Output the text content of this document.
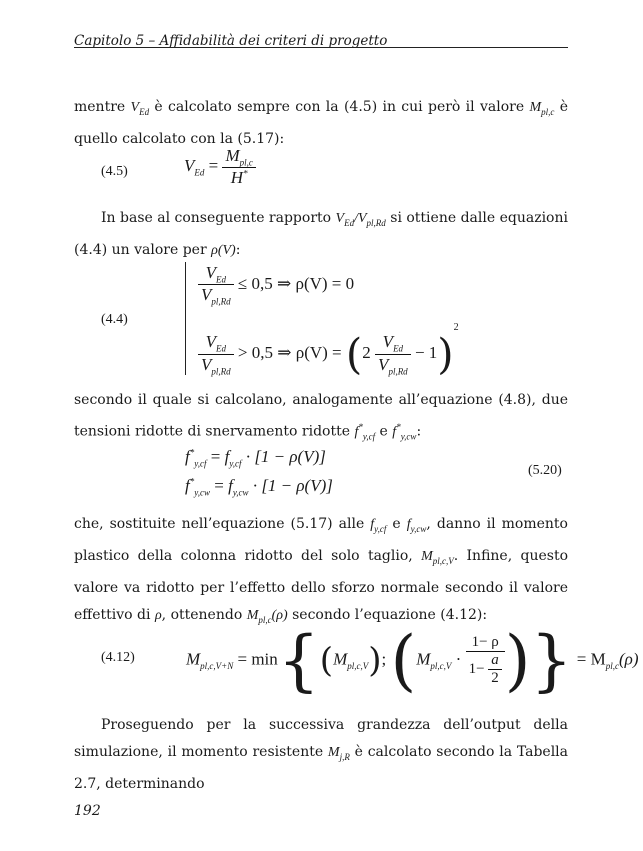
Capitolo 5 – Affidabilità dei criteri di progetto

mentre $V_{Ed}$ è calcolato sempre con la (4.5) in cui però il valore $M_{pl,c}$ è quello calcolato con la (5.17):

(4.5)	$V_{Ed} = \frac{M_{pl,c}}{H^*}$

In base al conseguente rapporto $V_{Ed}/V_{pl,Rd}$ si ottiene dalle equazioni (4.4) un valore per ρ(V):

(4.4)
$\frac{V_{Ed}}{V_{pl,Rd}} \le 0,5$ ⇒ ρ(V) = 0
$\frac{V_{Ed}}{V_{pl,Rd}} > 0,5$ ⇒ $\rho(V) = (2 \frac{V_{Ed}}{V_{pl,Rd}} - 1)^2$

secondo il quale si calcolano, analogamente all’equazione (4.8), due tensioni ridotte di snervamento ridotte $f^*_{y,cf}$ e $f^*_{y,cw}$:

$f^*_{y,cf} = f_{y,cf} \cdot [1 - \rho(V)]$
$f^*_{y,cw} = f_{y,cw} \cdot [1 - \rho(V)]$
(5.20)

che, sostituite nell’equazione (5.17) alle $f_{y,cf}$ e $f_{y,cw}$, danno il momento plastico della colonna ridotto del solo taglio, $M_{pl,c,V}$. Infine, questo valore va ridotto per l’effetto dello sforzo normale secondo il valore effettivo di ρ, ottenendo $M_{pl,c}(\rho)$ secondo l’equazione (4.12):

(4.12)	$M_{pl,c,V+N} = \min\{(M_{pl,c,V})$; ($M_{pl,c,V} \cdot \frac{1- \rho}{1- \frac{a}{2}}$ )} = $M_{pl,c}(\rho)$

Proseguendo per la successiva grandezza dell’output della simulazione, il momento resistente $M_{j,R}$ è calcolato secondo la Tabella 2.7, determinando

192
